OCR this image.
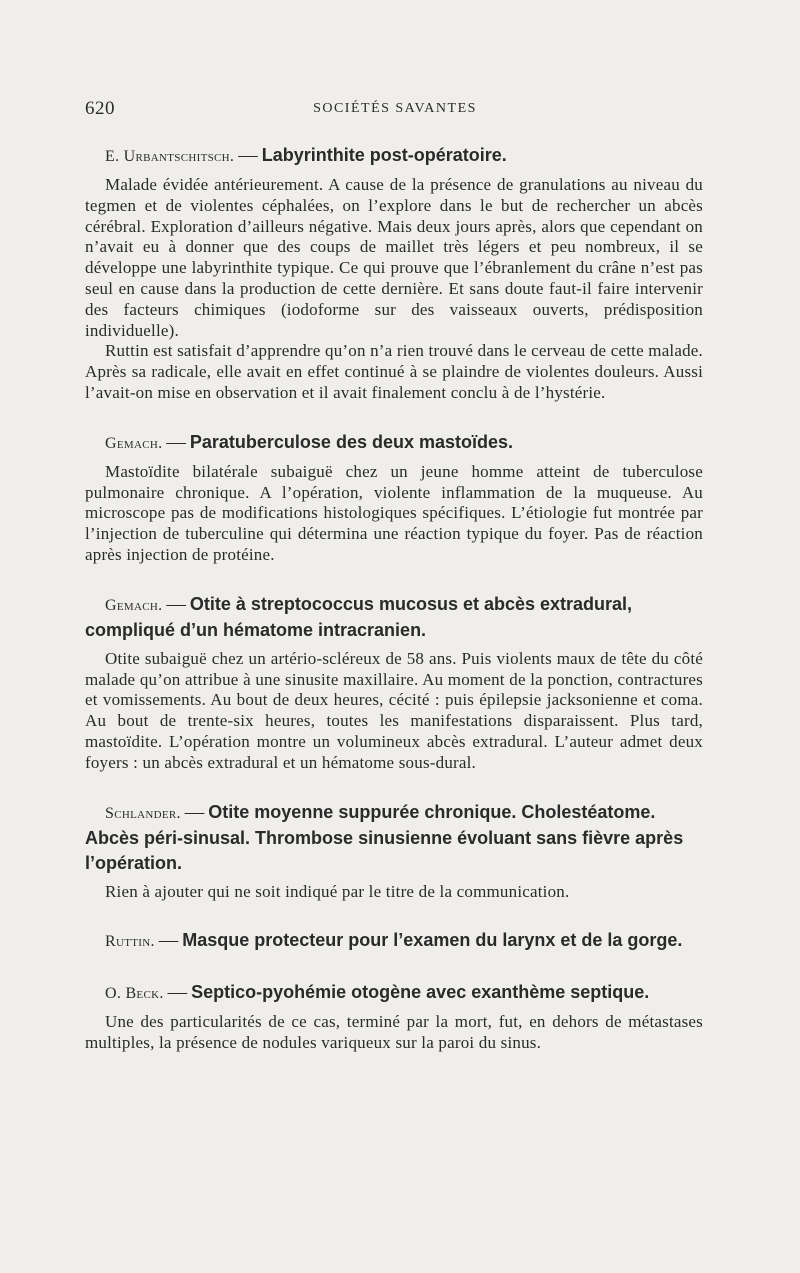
620	SOCIÉTÉS SAVANTES

E. Urbantschitsch. — Labyrinthite post-opératoire.

Malade évidée antérieurement. A cause de la présence de granulations au niveau du tegmen et de violentes céphalées, on l’explore dans le but de rechercher un abcès cérébral. Exploration d’ailleurs négative. Mais deux jours après, alors que cependant on n’avait eu à donner que des coups de maillet très légers et peu nombreux, il se développe une labyrinthite typique. Ce qui prouve que l’ébranlement du crâne n’est pas seul en cause dans la production de cette dernière. Et sans doute faut-il faire intervenir des facteurs chimiques (iodoforme sur des vaisseaux ouverts, prédisposition individuelle).

Ruttin est satisfait d’apprendre qu’on n’a rien trouvé dans le cerveau de cette malade. Après sa radicale, elle avait en effet continué à se plaindre de violentes douleurs. Aussi l’avait-on mise en observation et il avait finalement conclu à de l’hystérie.

Gemach. — Paratuberculose des deux mastoïdes.

Mastoïdite bilatérale subaiguë chez un jeune homme atteint de tuberculose pulmonaire chronique. A l’opération, violente inflammation de la muqueuse. Au microscope pas de modifications histologiques spécifiques. L’étiologie fut montrée par l’injection de tuberculine qui détermina une réaction typique du foyer. Pas de réaction après injection de protéine.

Gemach. — Otite à streptococcus mucosus et abcès extradural, compliqué d’un hématome intracranien.

Otite subaiguë chez un artério-scléreux de 58 ans. Puis violents maux de tête du côté malade qu’on attribue à une sinusite maxillaire. Au moment de la ponction, contractures et vomissements. Au bout de deux heures, cécité : puis épilepsie jacksonienne et coma. Au bout de trente-six heures, toutes les manifestations disparaissent. Plus tard, mastoïdite. L’opération montre un volumineux abcès extradural. L’auteur admet deux foyers : un abcès extradural et un hématome sous-dural.

Schlander. — Otite moyenne suppurée chronique. Cholestéatome. Abcès péri-sinusal. Thrombose sinusienne évoluant sans fièvre après l’opération.

Rien à ajouter qui ne soit indiqué par le titre de la communication.

Ruttin. — Masque protecteur pour l’examen du larynx et de la gorge.

O. Beck. — Septico-pyohémie otogène avec exanthème septique.

Une des particularités de ce cas, terminé par la mort, fut, en dehors de métastases multiples, la présence de nodules variqueux sur la paroi du sinus.
